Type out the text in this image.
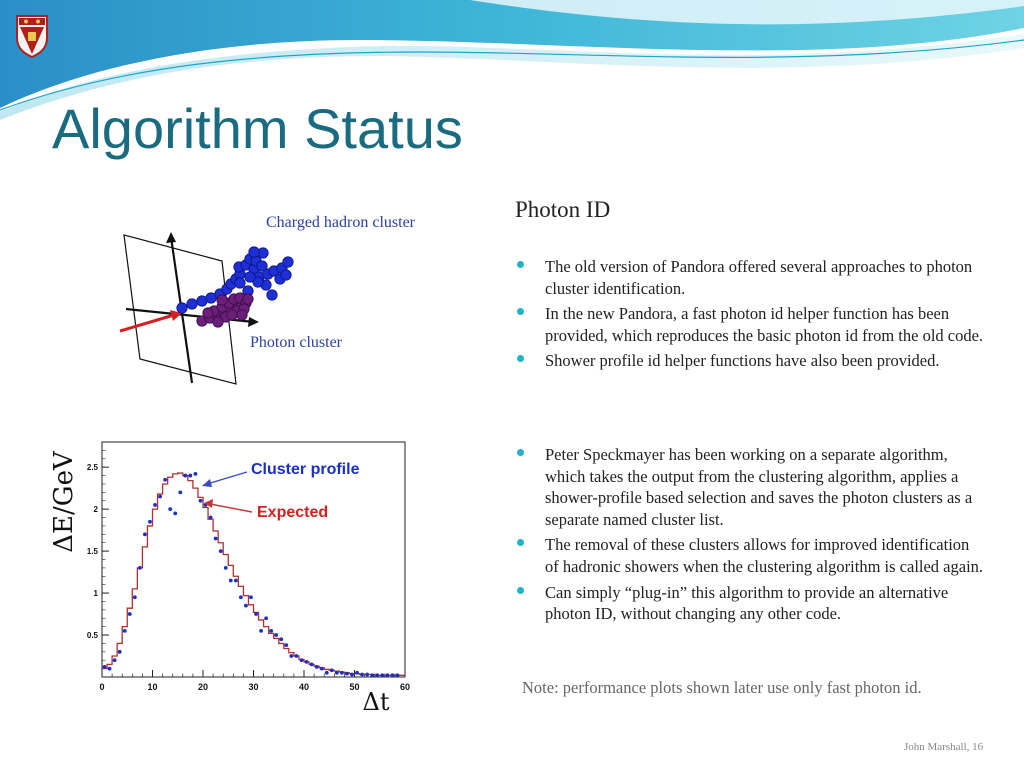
Algorithm Status
Charged hadron cluster
Photon cluster
0	10	20	30	40	50	60
0.5
1
1.5
2
2.5	Cluster profile
Expected
ΔE/GeV
Δt
Photon ID
The old version of Pandora offered several approaches to photon cluster identification.
In the new Pandora, a fast photon id helper function has been provided, which reproduces the basic photon id from the old code.
Shower profile id helper functions have also been provided.
Peter Speckmayer has been working on a separate algorithm, which takes the output from the clustering algorithm, applies a shower-profile based selection and saves the photon clusters as a separate named cluster list.
The removal of these clusters allows for improved identification of hadronic showers when the clustering algorithm is called again.
Can simply “plug-in” this algorithm to provide an alternative photon ID, without changing any other code.
Note: performance plots shown later use only fast photon id.
John Marshall, 16
